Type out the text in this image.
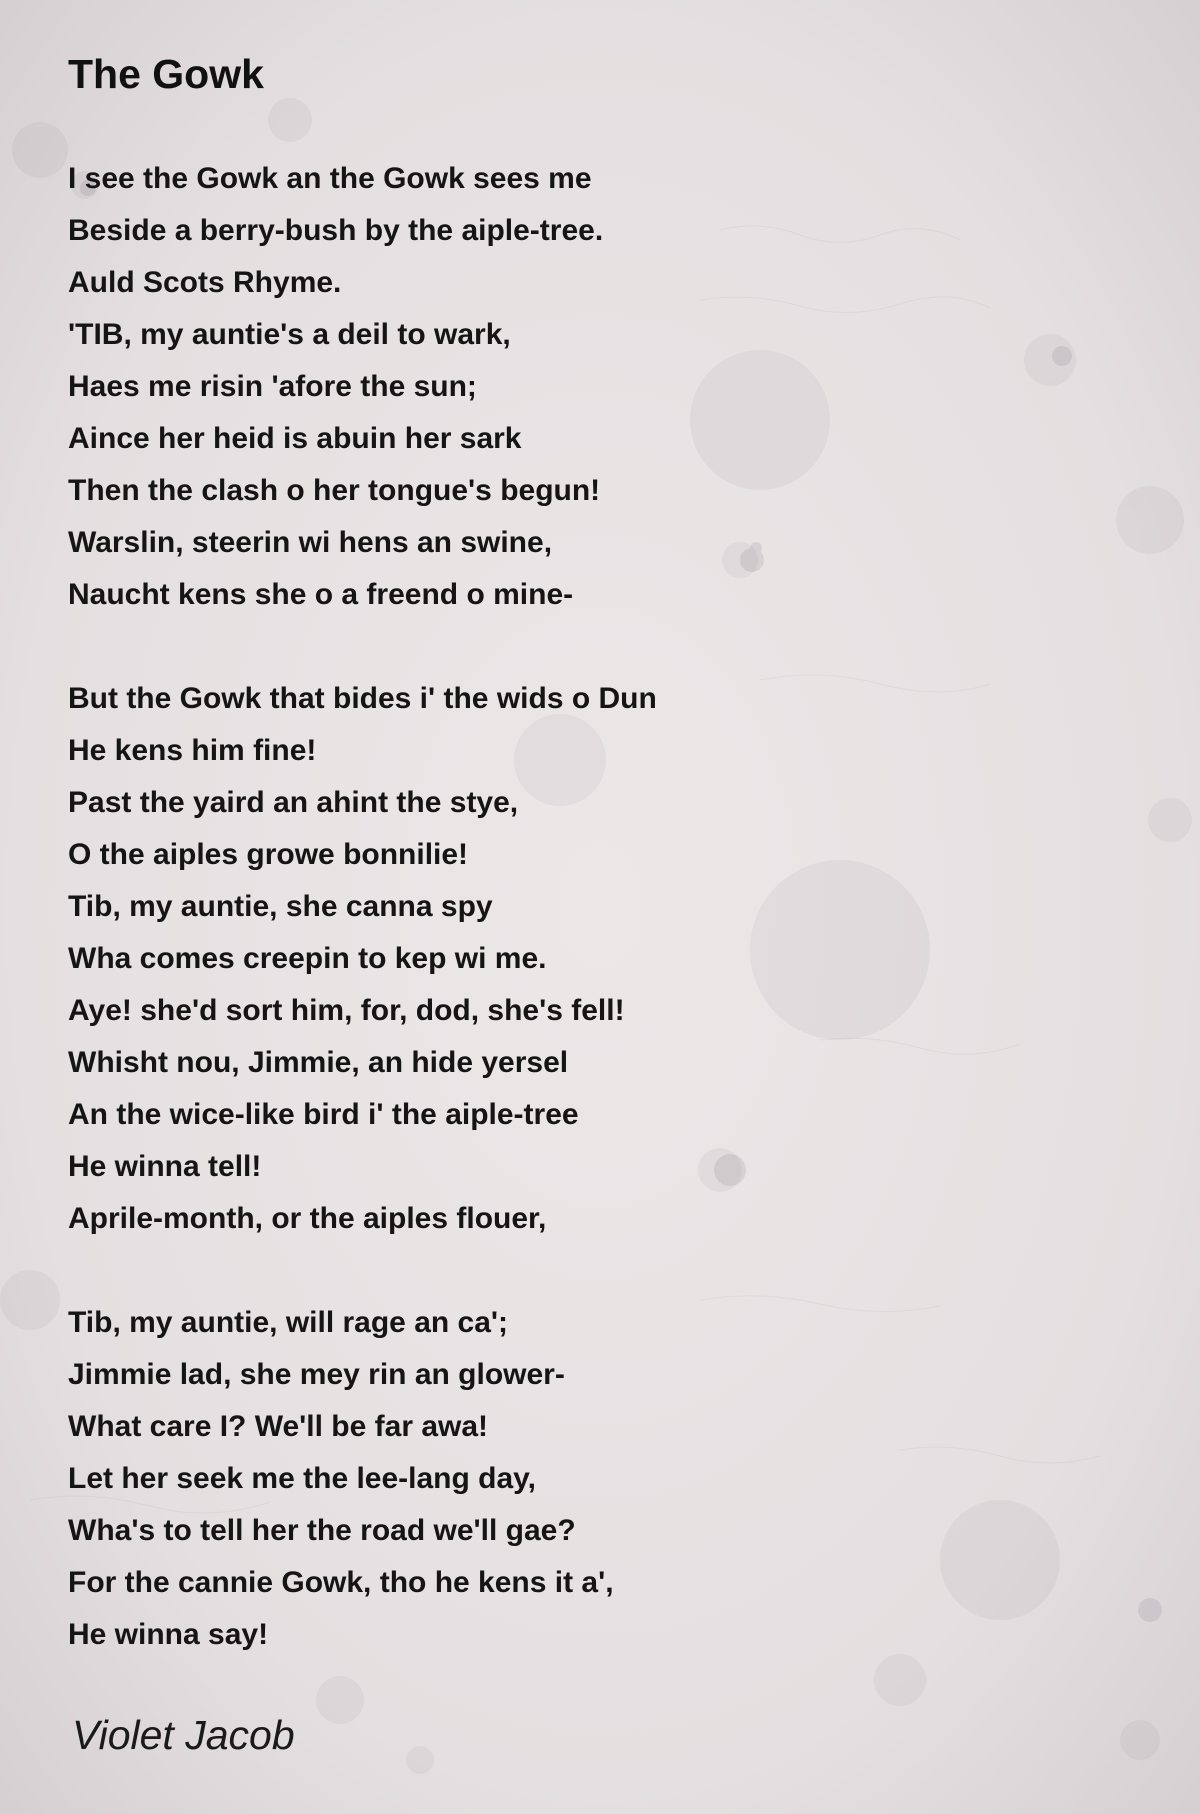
The Gowk
I see the Gowk an the Gowk sees me
Beside a berry-bush by the aiple-tree.
Auld Scots Rhyme.
'TIB, my auntie's a deil to wark,
Haes me risin 'afore the sun;
Aince her heid is abuin her sark
Then the clash o her tongue's begun!
Warslin, steerin wi hens an swine,
Naucht kens she o a freend o mine-
But the Gowk that bides i' the wids o Dun
He kens him fine!
Past the yaird an ahint the stye,
O the aiples growe bonnilie!
Tib, my auntie, she canna spy
Wha comes creepin to kep wi me.
Aye! she'd sort him, for, dod, she's fell!
Whisht nou, Jimmie, an hide yersel
An the wice-like bird i' the aiple-tree
He winna tell!
Aprile-month, or the aiples flouer,
Tib, my auntie, will rage an ca';
Jimmie lad, she mey rin an glower-
What care I? We'll be far awa!
Let her seek me the lee-lang day,
Wha's to tell her the road we'll gae?
For the cannie Gowk, tho he kens it a',
He winna say!
Violet Jacob
